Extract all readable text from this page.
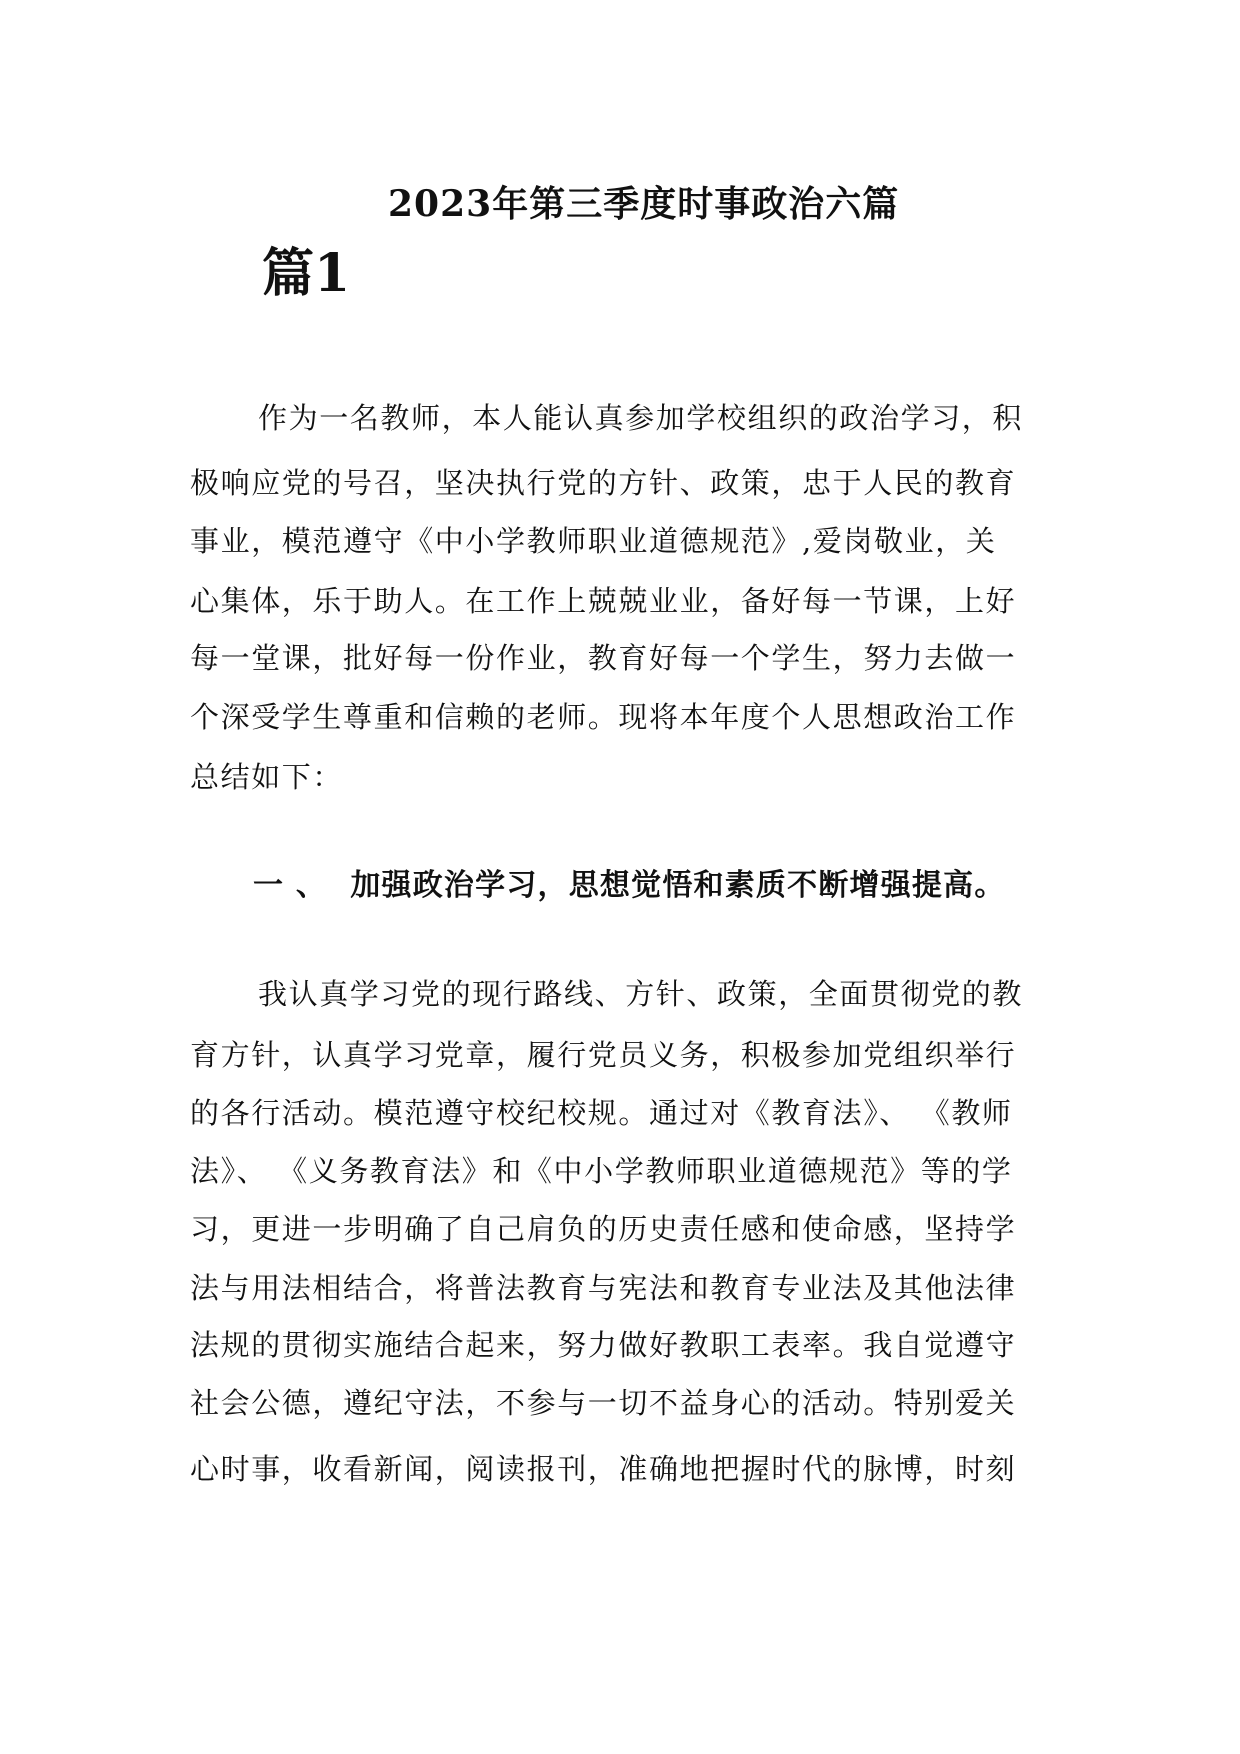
2023年第三季度时事政治六篇
篇1
作为一名教师，本人能认真参加学校组织的政治学习，积
极响应党的号召，坚决执行党的方针、政策，忠于人民的教育
事业，模范遵守《中小学教师职业道德规范》,爱岗敬业，关
心集体，乐于助人。在工作上兢兢业业，备好每一节课，上好
每一堂课，批好每一份作业，教育好每一个学生，努力去做一
个深受学生尊重和信赖的老师。现将本年度个人思想政治工作
总结如下：
一 、  加强政治学习，思想觉悟和素质不断增强提高。
我认真学习党的现行路线、方针、政策，全面贯彻党的教
育方针，认真学习党章，履行党员义务，积极参加党组织举行
的各行活动。模范遵守校纪校规。通过对《教育法》、 《教师
法》、 《义务教育法》和《中小学教师职业道德规范》等的学
习，更进一步明确了自己肩负的历史责任感和使命感，坚持学
法与用法相结合，将普法教育与宪法和教育专业法及其他法律
法规的贯彻实施结合起来，努力做好教职工表率。我自觉遵守
社会公德，遵纪守法，不参与一切不益身心的活动。特别爱关
心时事，收看新闻，阅读报刊，准确地把握时代的脉博，时刻
